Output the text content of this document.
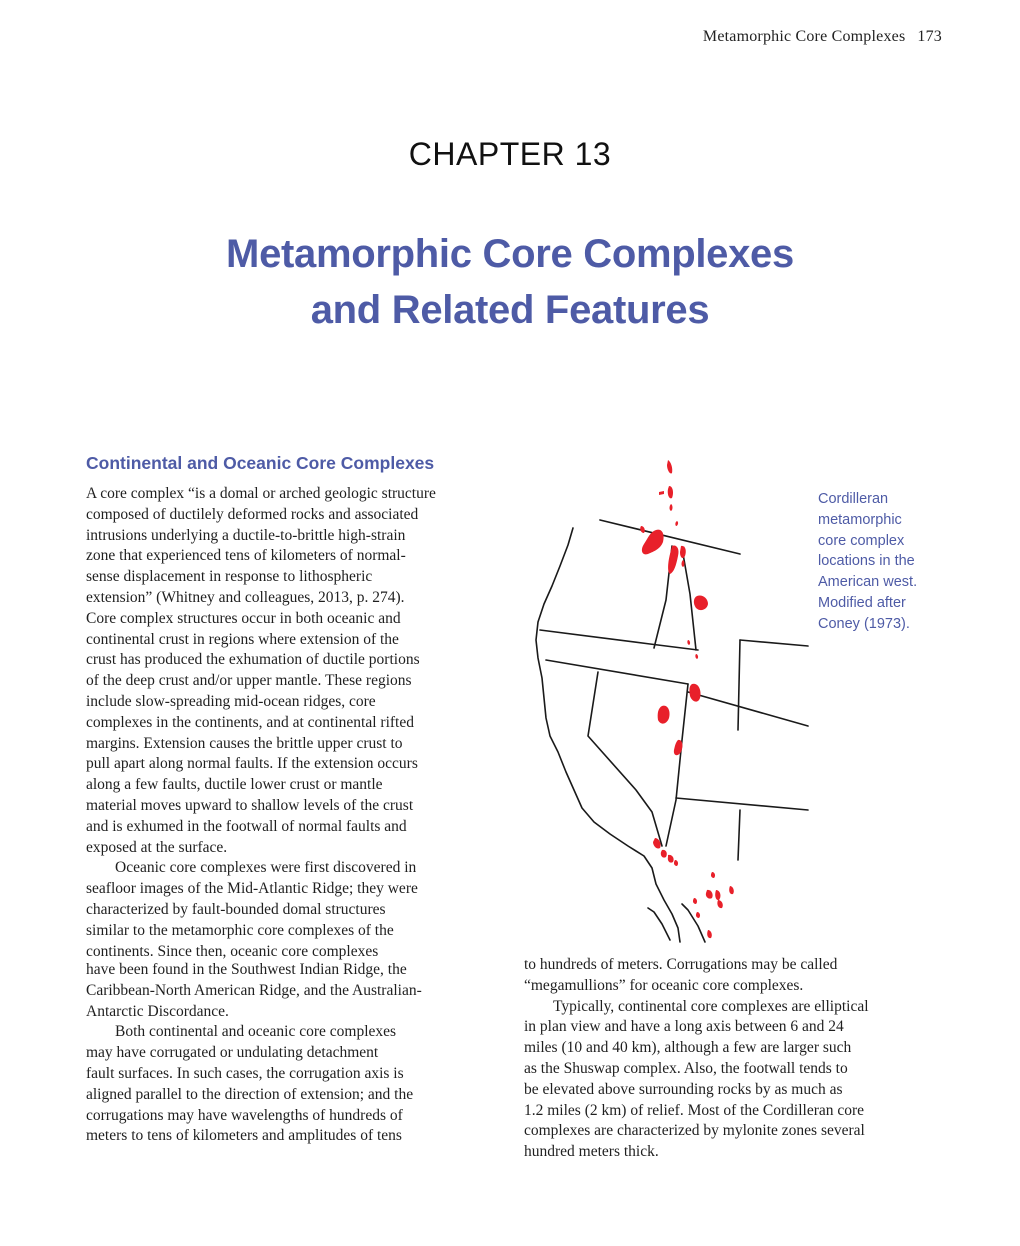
Metamorphic Core Complexes 173
CHAPTER 13
Metamorphic Core Complexes
and Related Features
Continental and Oceanic Core Complexes

A core complex “is a domal or arched geologic structure
composed of ductilely deformed rocks and associated
intrusions underlying a ductile-to-brittle high-strain
zone that experienced tens of kilometers of normal-
sense displacement in response to lithospheric
extension” (Whitney and colleagues, 2013, p. 274).
Core complex structures occur in both oceanic and
continental crust in regions where extension of the
crust has produced the exhumation of ductile portions
of the deep crust and/or upper mantle. These regions
include slow-spreading mid-ocean ridges, core
complexes in the continents, and at continental rifted
margins. Extension causes the brittle upper crust to
pull apart along normal faults. If the extension occurs
along a few faults, ductile lower crust or mantle
material moves upward to shallow levels of the crust
and is exhumed in the footwall of normal faults and
exposed at the surface.

Oceanic core complexes were first discovered in
seafloor images of the Mid-Atlantic Ridge; they were
characterized by fault-bounded domal structures
similar to the metamorphic core complexes of the
continents. Since then, oceanic core complexes

have been found in the Southwest Indian Ridge, the
Caribbean-North American Ridge, and the Australian-
Antarctic Discordance.

Both continental and oceanic core complexes
may have corrugated or undulating detachment
fault surfaces. In such cases, the corrugation axis is
aligned parallel to the direction of extension; and the
corrugations may have wavelengths of hundreds of
meters to tens of kilometers and amplitudes of tens

to hundreds of meters. Corrugations may be called
“megamullions” for oceanic core complexes.

Typically, continental core complexes are elliptical
in plan view and have a long axis between 6 and 24
miles (10 and 40 km), although a few are larger such
as the Shuswap complex. Also, the footwall tends to
be elevated above surrounding rocks by as much as
1.2 miles (2 km) of relief. Most of the Cordilleran core
complexes are characterized by mylonite zones several
hundred meters thick.

Cordilleran
metamorphic
core complex
locations in the
American west.
Modified after
Coney (1973).
